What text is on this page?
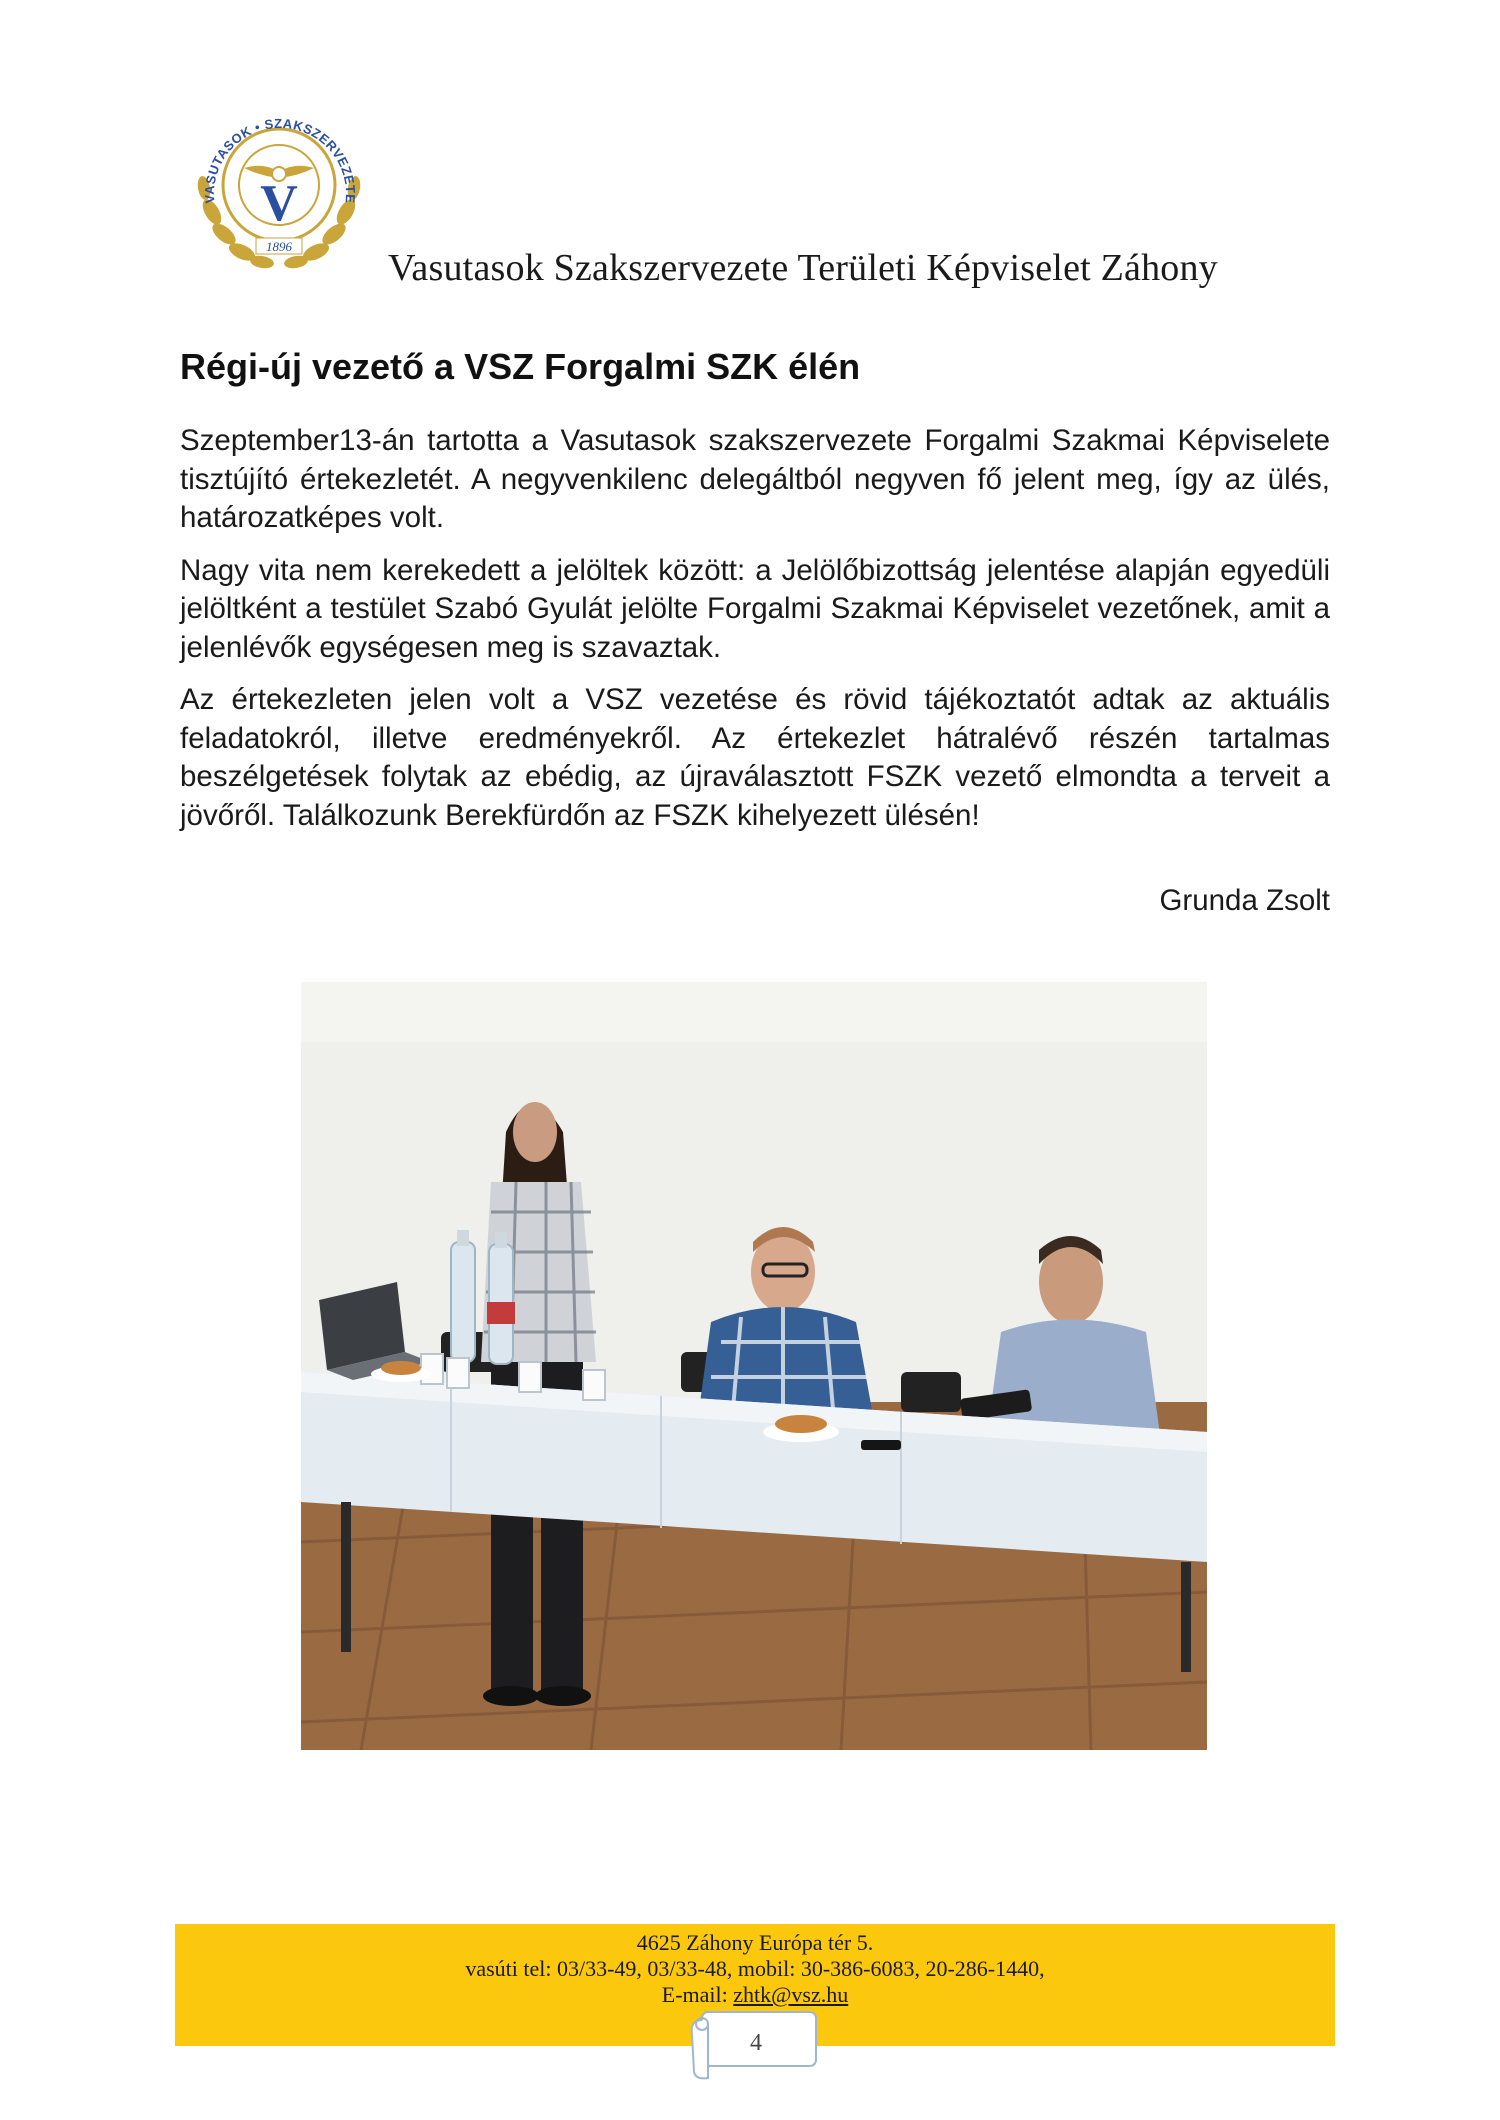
VASUTASOK • SZAKSZERVEZETE
V
1896
Vasutasok Szakszervezete Területi Képviselet Záhony
Régi-új vezető a VSZ Forgalmi SZK élén

Szeptember13-án tartotta a Vasutasok szakszervezete Forgalmi Szakmai Képviselete tisztújító értekezletét. A negyvenkilenc delegáltból negyven fő jelent meg, így az ülés, határozatképes volt.

Nagy vita nem kerekedett a jelöltek között: a Jelölőbizottság jelentése alapján egyedüli jelöltként a testület Szabó Gyulát jelölte Forgalmi Szakmai Képviselet vezetőnek, amit a jelenlévők egységesen meg is szavaztak.

Az értekezleten jelen volt a VSZ vezetése és rövid tájékoztatót adtak az aktuális feladatokról, illetve eredményekről. Az értekezlet hátralévő részén tartalmas beszélgetések folytak az ebédig, az újraválasztott FSZK vezető elmondta a terveit a jövőről. Találkozunk Berekfürdőn az FSZK kihelyezett ülésén!

Grunda Zsolt
4625 Záhony Európa tér 5.
vasúti tel: 03/33-49, 03/33-48, mobil: 30-386-6083, 20-286-1440,
E-mail: zhtk@vsz.hu
4
